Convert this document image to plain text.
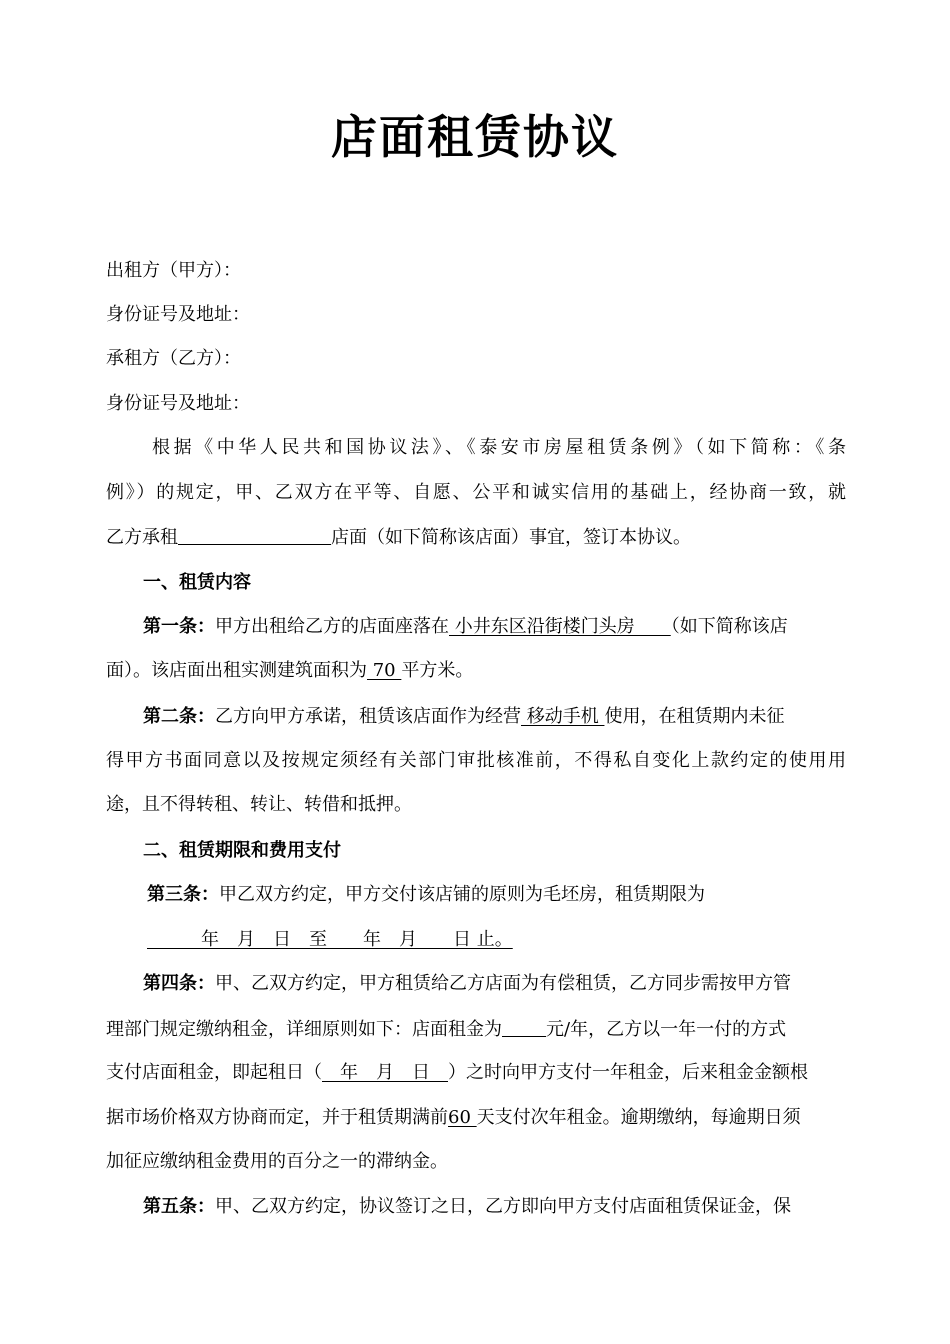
店面租赁协议
出租方（甲方）：
身份证号及地址：
承租方（乙方）：
身份证号及地址：
根据《中华人民共和国协议法》、《泰安市房屋租赁条例》（如下简称：《条
例》）的规定，甲、乙双方在平等、自愿、公平和诚实信用的基础上，经协商一致，就
乙方承租	店面（如下简称该店面）事宜，签订本协议。
一、租赁内容
第一条：甲方出租给乙方的店面座落在 小井东区沿街楼门头房　　（如下简称该店
面）。该店面出租实测建筑面积为 70 平方米。
第二条：乙方向甲方承诺，租赁该店面作为经营 移动手机 使用，在租赁期内未征
得甲方书面同意以及按规定须经有关部门审批核准前，不得私自变化上款约定的使用用
途，且不得转租、转让、转借和抵押。
二、租赁期限和费用支付
第三条：甲乙双方约定，甲方交付该店铺的原则为毛坯房，租赁期限为
　　　年　月　日　至　　年　月　　日 止。
第四条：甲、乙双方约定，甲方租赁给乙方店面为有偿租赁，乙方同步需按甲方管
理部门规定缴纳租金，详细原则如下：店面租金为 元/年，乙方以一年一付的方式
支付店面租金，即起租日（　年　月　日　）之时向甲方支付一年租金，后来租金金额根
据市场价格双方协商而定，并于租赁期满前60 天支付次年租金。逾期缴纳，每逾期日须
加征应缴纳租金费用的百分之一的滞纳金。
第五条：甲、乙双方约定，协议签订之日，乙方即向甲方支付店面租赁保证金，保
